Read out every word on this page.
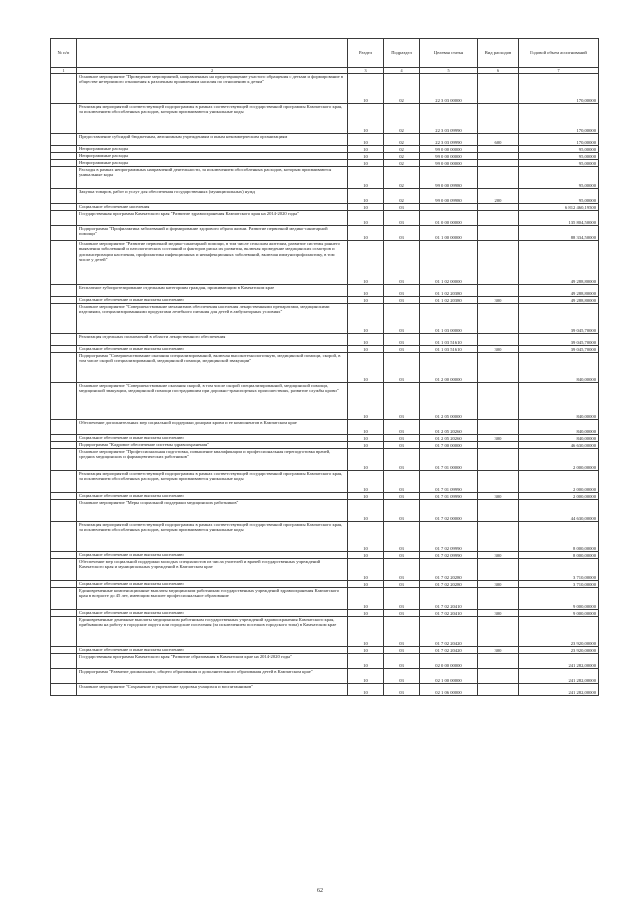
№ п/п		Раздел	Подраздел	Целевая статья	Вид расходов	Годовой объем ассигнований
1	2	3	4	5	6	7
	Основное мероприятие "Проведение мероприятий, направленных на предотвращение ухастого обращения с детьми и формирование в обществе нетерпимого отношения к различным проявлениям насилия по отношению к детям"	10	02	22 3 03 00000		170,00000
	Реализация мероприятий соответствующей подпрограммы в рамках соответствующей государственной программы Камчатского края, за исключением обособленных расходов, которым присваиваются уникальные коды	10	02	22 3 03 09990		170,00000
	Предоставление субсидий бюджетным, автономным учреждениям и иным некоммерческим организациям	10	02	22 3 03 09990	600	170,00000
	Непрограммные расходы	10	02	99 0 00 00000		95,00000
	Непрограммные расходы	10	02	99 0 00 00000		95,00000
	Непрограммные расходы	10	02	99 0 00 00000		95,00000
	Расходы в рамках непрограммных направлений деятельности, за исключением обособленных расходов, которым присваиваются уникальные коды	10	02	99 0 00 09980		95,00000
	Закупка товаров, работ и услуг для обеспечения государственных (муниципальных) нужд	10	02	99 0 00 09980	200	95,00000
	Социальное обеспечение населения	10	03			6 812 460,19500
	Государственная программа Камчатского края "Развитие здравоохранения Камчатского края на 2014-2020 годы"	10	03	01 0 00 00000		135 804,50000
	Подпрограмма "Профилактика заболеваний и формирование здорового образа жизни. Развитие первичной медико-санитарной помощи"	10	03	01 1 00 00000		88 334,50000
	Основное мероприятие "Развитие первичной медико-санитарной помощи, в том числе сельским жителям, развитие системы раннего выявления заболеваний и патологических состояний и факторов риска их развития, включая проведение медицинских осмотров и диспансеризации населения, профилактика инфекционных и неинфекционных заболеваний, включая иммунопрофилактику, в том числе у детей"	10	03	01 1 02 00000		49 288,80000
	Бесплатное зубопротезирование отдельным категориям граждан, проживающим в Камчатском крае	10	03	01 1 02 20380		49 288,80000
	Социальное обеспечение и иные выплаты населению	10	03	01 1 02 20380	300	49 288,80000
	Основное мероприятие "Совершенствование механизмов обеспечения населения лекарственными препаратами, медицинскими изделиями, специализированными продуктами лечебного питания для детей в амбулаторных условиях"	10	03	01 1 03 00000		39 045,70000
	Реализация отдельных полномочий в области лекарственного обеспечения	10	03	01 1 03 51610		39 045,70000
	Социальное обеспечение и иные выплаты населению	10	03	01 1 03 51610	300	39 045,70000
	Подпрограмма "Совершенствование оказания специализированной, включая высокотехнологичную, медицинской помощи, скорой, в том числе скорой специализированной, медицинской помощи, медицинской эвакуации"	10	03	01 2 00 00000		840,00000
	Основное мероприятие "Совершенствование оказания скорой, в том числе скорой специализированной, медицинской помощи, медицинской эвакуации, медицинской помощи пострадавшим при дорожно-транспортных происшествиях, развитие службы крови"	10	03	01 2 05 00000		840,00000
	Обеспечение дополнительных мер социальной поддержки донорам крови и ее компонентов в Камчатском крае	10	03	01 2 05 20260		840,00000
	Социальное обеспечение и иные выплаты населению	10	03	01 2 05 20260	300	840,00000
	Подпрограмма "Кадровое обеспечение системы здравоохранения"	10	03	01 7 00 00000		46 630,00000
	Основное мероприятие "Профессиональная подготовка, повышение квалификации и профессиональная переподготовка врачей, средних медицинских и фармацевтических работников"	10	03	01 7 01 00000		2 000,00000
	Реализация мероприятий соответствующей подпрограммы в рамках соответствующей государственной программы Камчатского края, за исключением обособленных расходов, которым присваиваются уникальные коды	10	03	01 7 01 09990		2 000,00000
	Социальное обеспечение и иные выплаты населению	10	03	01 7 01 09990	300	2 000,00000
	Основное мероприятие "Меры социальной поддержки медицинских работников"	10	03	01 7 02 00000		44 630,00000
	Реализация мероприятий соответствующей подпрограммы в рамках соответствующей государственной программы Камчатского края, за исключением обособленных расходов, которым присваиваются уникальные коды	10	03	01 7 02 09990		8 000,00000
	Социальное обеспечение и иные выплаты населению	10	03	01 7 02 09990	300	8 000,00000
	Обеспечение мер социальной поддержки молодых специалистов из числа учителей и врачей государственных учреждений Камчатского края и муниципальных учреждений в Камчатском крае	10	03	01 7 02 20280		3 710,00000
	Социальное обеспечение и иные выплаты населению	10	03	01 7 02 20280	300	3 710,00000
	Единовременные компенсационные выплаты медицинским работникам государственных учреждений здравоохранения Камчатского края в возрасте до 45 лет, имеющим высшее профессиональное образование	10	03	01 7 02 20410		9 000,00000
	Социальное обеспечение и иные выплаты населению	10	03	01 7 02 20410	300	9 000,00000
	Единовременные денежные выплаты медицинским работникам государственных учреждений здравоохранения Камчатского края, прибывшим на работу в городские округа или городские поселения (за исключением поселков городского типа) в Камчатском крае	10	03	01 7 02 20420		23 920,00000
	Социальное обеспечение и иные выплаты населению	10	03	01 7 02 20420	300	23 920,00000
	Государственная программа Камчатского края "Развитие образования в Камчатском крае на 2014-2020 годы"	10	03	02 0 00 00000		241 282,00000
	Подпрограмма "Развитие дошкольного, общего образования и дополнительного образования детей в Камчатском крае"	10	03	02 1 00 00000		241 282,00000
	Основное мероприятие "Сохранение и укрепление здоровья учащихся и воспитанников"	10	03	02 1 06 00000		241 282,00000
62
